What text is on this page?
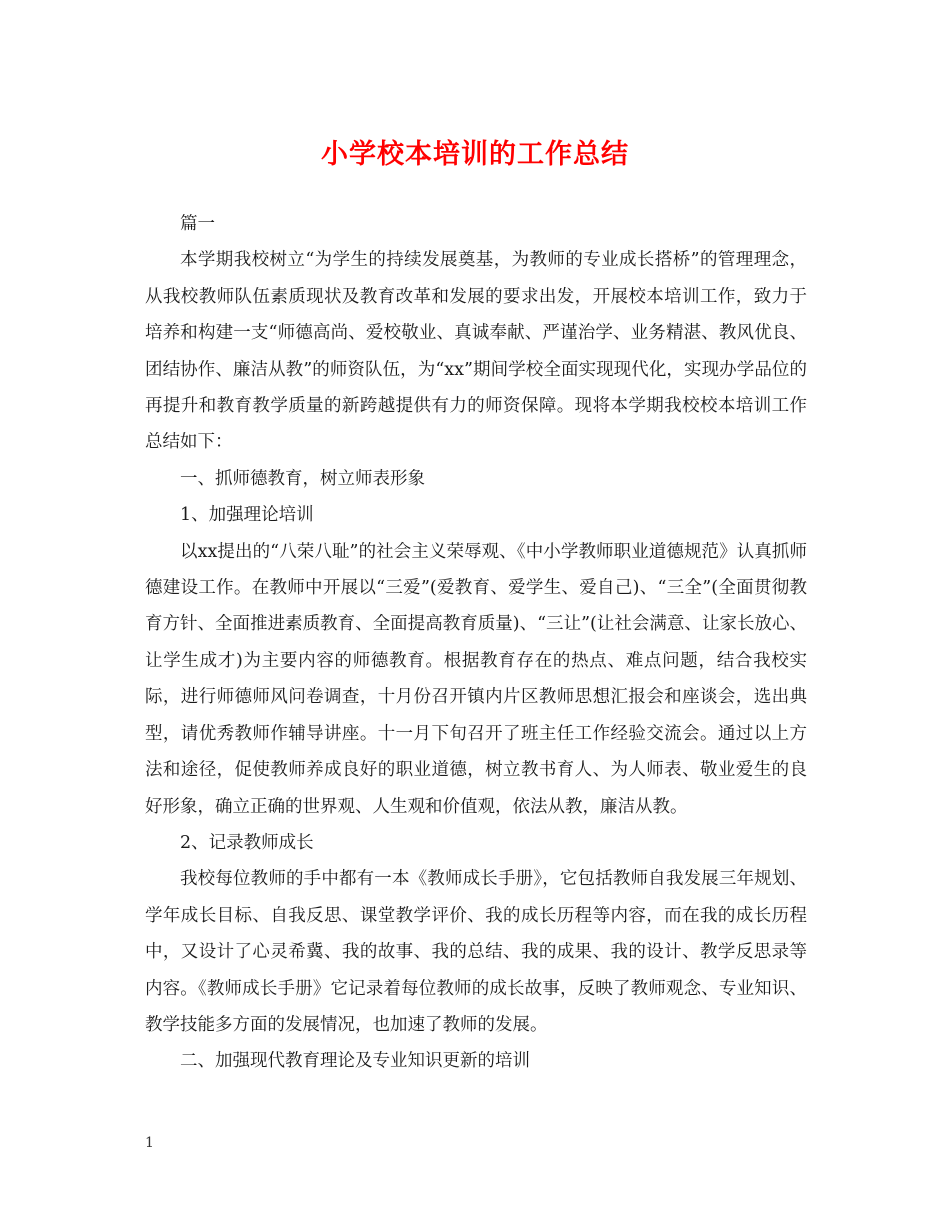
小学校本培训的工作总结

篇一

本学期我校树立“为学生的持续发展奠基，为教师的专业成长搭桥”的管理理念，从我校教师队伍素质现状及教育改革和发展的要求出发，开展校本培训工作，致力于培养和构建一支“师德高尚、爱校敬业、真诚奉献、严谨治学、业务精湛、教风优良、团结协作、廉洁从教”的师资队伍，为“xx”期间学校全面实现现代化，实现办学品位的再提升和教育教学质量的新跨越提供有力的师资保障。现将本学期我校校本培训工作总结如下：

一、抓师德教育，树立师表形象

1、加强理论培训

以xx提出的“八荣八耻”的社会主义荣辱观、《中小学教师职业道德规范》认真抓师德建设工作。在教师中开展以“三爱”(爱教育、爱学生、爱自己)、“三全”(全面贯彻教育方针、全面推进素质教育、全面提高教育质量)、“三让”(让社会满意、让家长放心、让学生成才)为主要内容的师德教育。根据教育存在的热点、难点问题，结合我校实际，进行师德师风问卷调查，十月份召开镇内片区教师思想汇报会和座谈会，选出典型，请优秀教师作辅导讲座。十一月下旬召开了班主任工作经验交流会。通过以上方法和途径，促使教师养成良好的职业道德，树立教书育人、为人师表、敬业爱生的良好形象，确立正确的世界观、人生观和价值观，依法从教，廉洁从教。

2、记录教师成长

我校每位教师的手中都有一本《教师成长手册》，它包括教师自我发展三年规划、学年成长目标、自我反思、课堂教学评价、我的成长历程等内容，而在我的成长历程中，又设计了心灵希冀、我的故事、我的总结、我的成果、我的设计、教学反思录等内容。《教师成长手册》它记录着每位教师的成长故事，反映了教师观念、专业知识、教学技能多方面的发展情况，也加速了教师的发展。

二、加强现代教育理论及专业知识更新的培训

1
